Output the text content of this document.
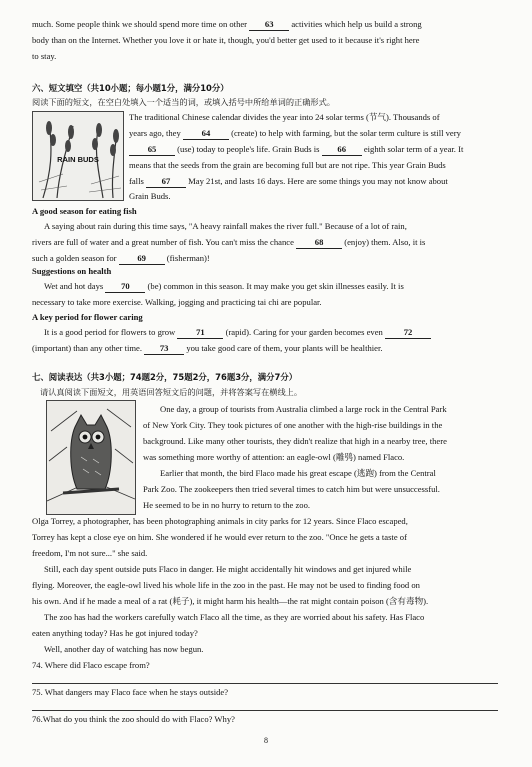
much. Some people think we should spend more time on other 63 activities which help us build a strong
body than on the Internet. Whether you love it or hate it, though, you'd better get used to it because it's right here
to stay.
六、短文填空（共10小题；每小题1分，满分10分）
阅读下面的短文，在空白处填入一个适当的词，或填入括号中所给单词的正确形式。
RAIN BUDS
The traditional Chinese calendar divides the year into 24 solar terms (节气). Thousands of
years ago, they 64 (create) to help with farming, but the solar term culture is still very
65 (use) today to people's life. Grain Buds is 66 eighth solar term of a year. It
means that the seeds from the grain are becoming full but are not ripe. This year Grain Buds
falls 67 May 21st, and lasts 16 days. Here are some things you may not know about
Grain Buds.
A good season for eating fish
A saying about rain during this time says, "A heavy rainfall makes the river full." Because of a lot of rain,
rivers are full of water and a great number of fish. You can't miss the chance 68 (enjoy) them. Also, it is
such a golden season for 69 (fisherman)!
Suggestions on health
Wet and hot days 70 (be) common in this season. It may make you get skin illnesses easily. It is
necessary to take more exercise. Walking, jogging and practicing tai chi are popular.
A key period for flower caring
It is a good period for flowers to grow 71 (rapid). Caring for your garden becomes even 72
(important) than any other time. 73 you take good care of them, your plants will be healthier.
七、阅读表达（共3小题；74题2分，75题2分，76题3分，满分7分）
请认真阅读下面短文，用英语回答短文后的问题，并将答案写在横线上。
One day, a group of tourists from Australia climbed a large rock in the Central Park
of New York City. They took pictures of one another with the high-rise buildings in the
background. Like many other tourists, they didn't realize that high in a nearby tree, there
was something more worthy of attention: an eagle-owl (雕鸮) named Flaco.
Earlier that month, the bird Flaco made his great escape (逃跑) from the Central
Park Zoo. The zookeepers then tried several times to catch him but were unsuccessful.
He seemed to be in no hurry to return to the zoo.
Olga Torrey, a photographer, has been photographing animals in city parks for 12 years. Since Flaco escaped,
Torrey has kept a close eye on him. She wondered if he would ever return to the zoo. "Once he gets a taste of
freedom, I'm not sure..." she said.
Still, each day spent outside puts Flaco in danger. He might accidentally hit windows and get injured while
flying. Moreover, the eagle-owl lived his whole life in the zoo in the past. He may not be used to finding food on
his own. And if he made a meal of a rat (耗子), it might harm his health—the rat might contain poison (含有毒物).
The zoo has had the workers carefully watch Flaco all the time, as they are worried about his safety. Has Flaco
eaten anything today? Has he got injured today?
Well, another day of watching has now begun.
74. Where did Flaco escape from?
75. What dangers may Flaco face when he stays outside?
76.What do you think the zoo should do with Flaco? Why?
8
